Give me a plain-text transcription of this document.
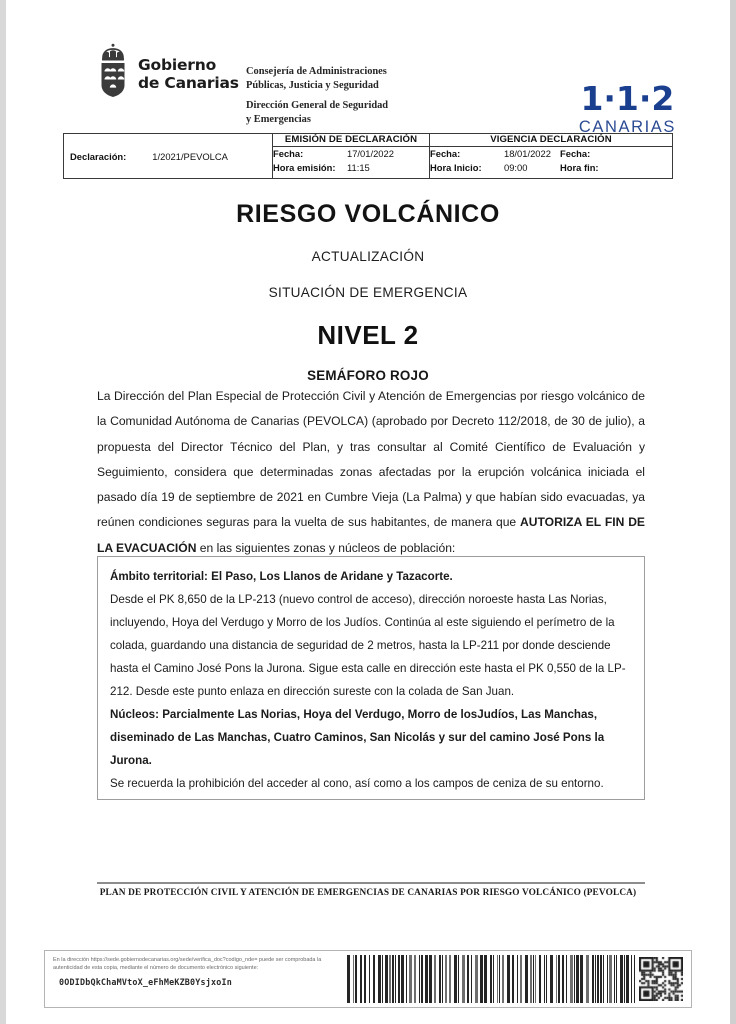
Gobierno
de Canarias
Consejería de Administraciones
Públicas, Justicia y Seguridad
Dirección General de Seguridad
y Emergencias
1·1·2
CANARIAS
Declaración: 1/2021/PEVOLCA	EMISIÓN DE DECLARACIÓN	VIGENCIA DECLARACIÓN	

Fecha:	17/01/2022
Hora emisión:	11:15

Fecha:	18/01/2022
Hora Inicio:	09:00

Fecha:
Hora fin:
RIESGO VOLCÁNICO
ACTUALIZACIÓN
SITUACIÓN DE EMERGENCIA
NIVEL 2
SEMÁFORO ROJO
La Dirección del Plan Especial de Protección Civil y Atención de Emergencias por riesgo volcánico de la Comunidad Autónoma de Canarias (PEVOLCA) (aprobado por Decreto 112/2018, de 30 de julio), a propuesta del Director Técnico del Plan, y tras consultar al Comité Científico de Evaluación y Seguimiento, considera que determinadas zonas afectadas por la erupción volcánica iniciada el pasado día 19 de septiembre de 2021 en Cumbre Vieja (La Palma) y que habían sido evacuadas, ya reúnen condiciones seguras para la vuelta de sus habitantes, de manera que AUTORIZA EL FIN DE LA EVACUACIÓN en las siguientes zonas y núcleos de población:

Ámbito territorial: El Paso, Los Llanos de Aridane y Tazacorte.

Desde el PK 8,650 de la LP-213 (nuevo control de acceso), dirección noroeste hasta Las Norias, incluyendo, Hoya del Verdugo y Morro de los Judíos. Continúa al este siguiendo el perímetro de la colada, guardando una distancia de seguridad de 2 metros, hasta la LP-211 por donde desciende hasta el Camino José Pons la Jurona. Sigue esta calle en dirección este hasta el PK 0,550 de la LP-212. Desde este punto enlaza en dirección sureste con la colada de San Juan.

Núcleos: Parcialmente Las Norias, Hoya del Verdugo, Morro de losJudíos, Las Manchas, diseminado de Las Manchas, Cuatro Caminos, San Nicolás y sur del camino José Pons la Jurona.

Se recuerda la prohibición del acceder al cono, así como a los campos de ceniza de su entorno.

PLAN DE PROTECCIÓN CIVIL Y ATENCIÓN DE EMERGENCIAS DE CANARIAS POR RIESGO VOLCÁNICO (PEVOLCA)
En la dirección https://sede.gobiernodecanarias.org/sede/verifica_doc?codigo_nde= puede ser comprobada la autenticidad de esta copia, mediante el número de documento electrónico siguiente:
0ODIDbQkChaMVtoX_eFhMeKZB0YsjxoIn
